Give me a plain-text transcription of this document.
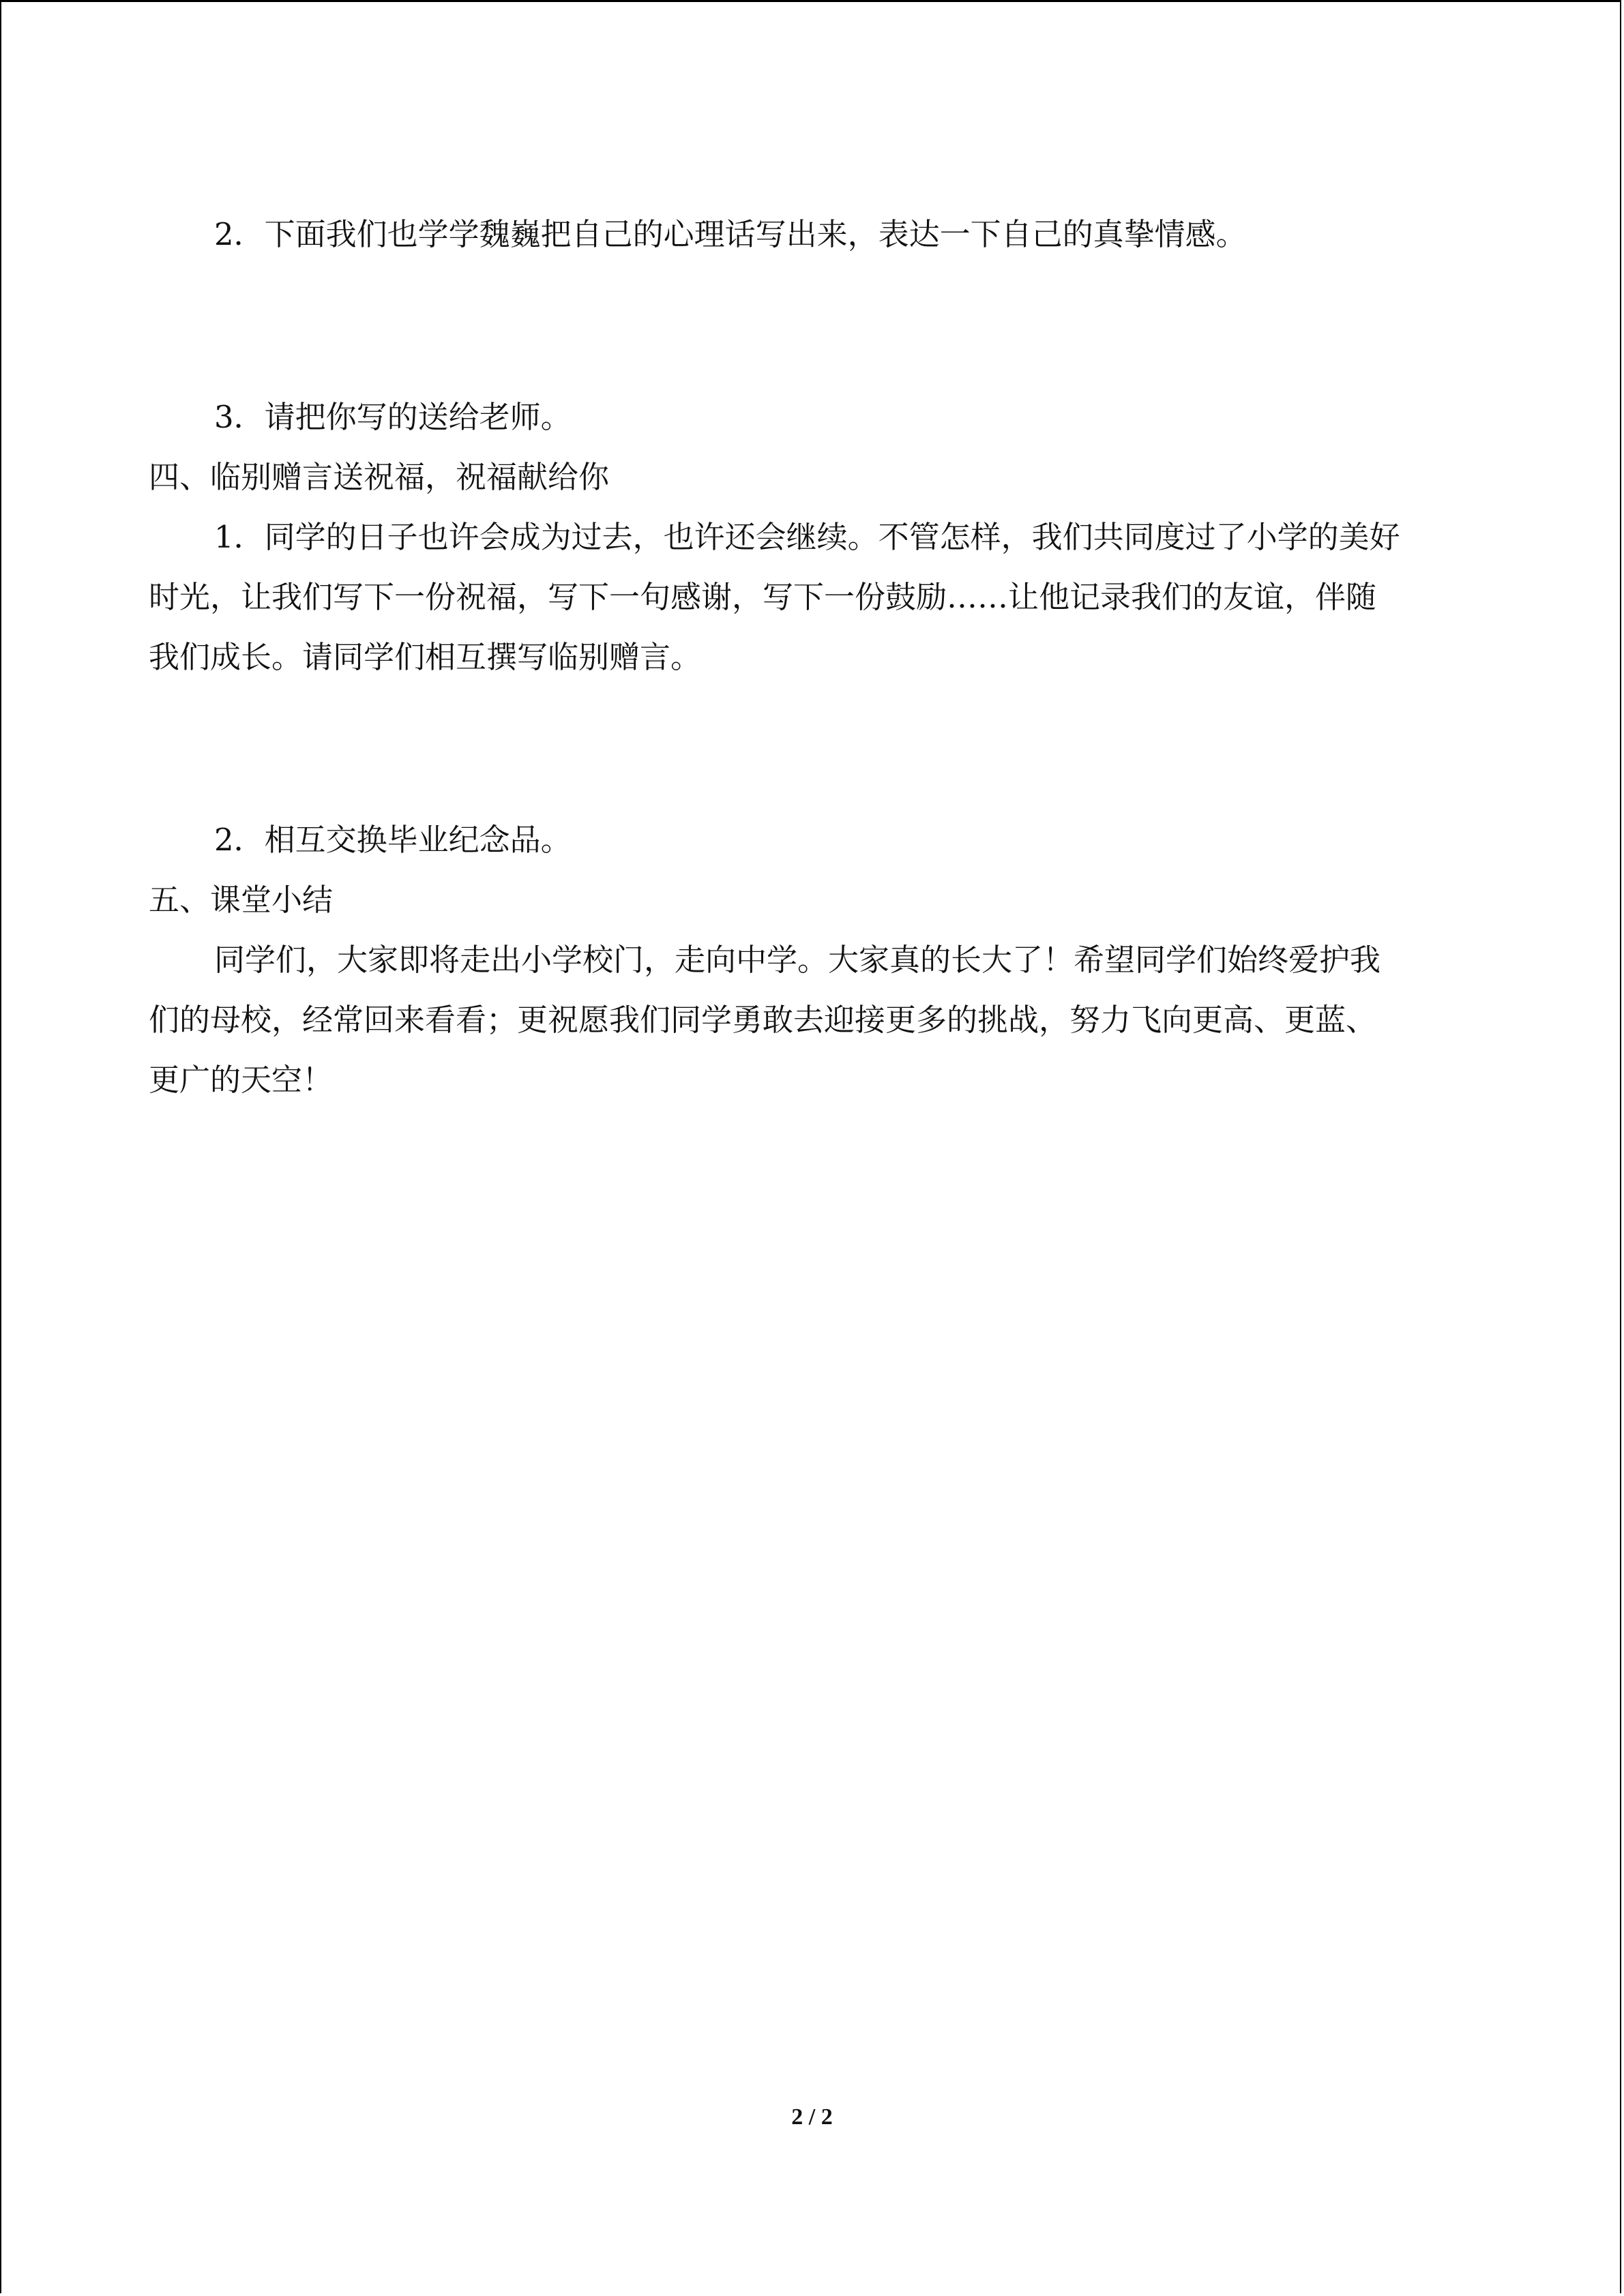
2．下面我们也学学魏巍把自己的心理话写出来，表达一下自己的真挚情感。

3．请把你写的送给老师。

四、临别赠言送祝福，祝福献给你

1．同学的日子也许会成为过去，也许还会继续。不管怎样，我们共同度过了小学的美好

时光，让我们写下一份祝福，写下一句感谢，写下一份鼓励……让他记录我们的友谊，伴随

我们成长。请同学们相互撰写临别赠言。

2．相互交换毕业纪念品。

五、课堂小结

同学们，大家即将走出小学校门，走向中学。大家真的长大了！希望同学们始终爱护我

们的母校，经常回来看看；更祝愿我们同学勇敢去迎接更多的挑战，努力飞向更高、更蓝、

更广的天空！

2 / 2
